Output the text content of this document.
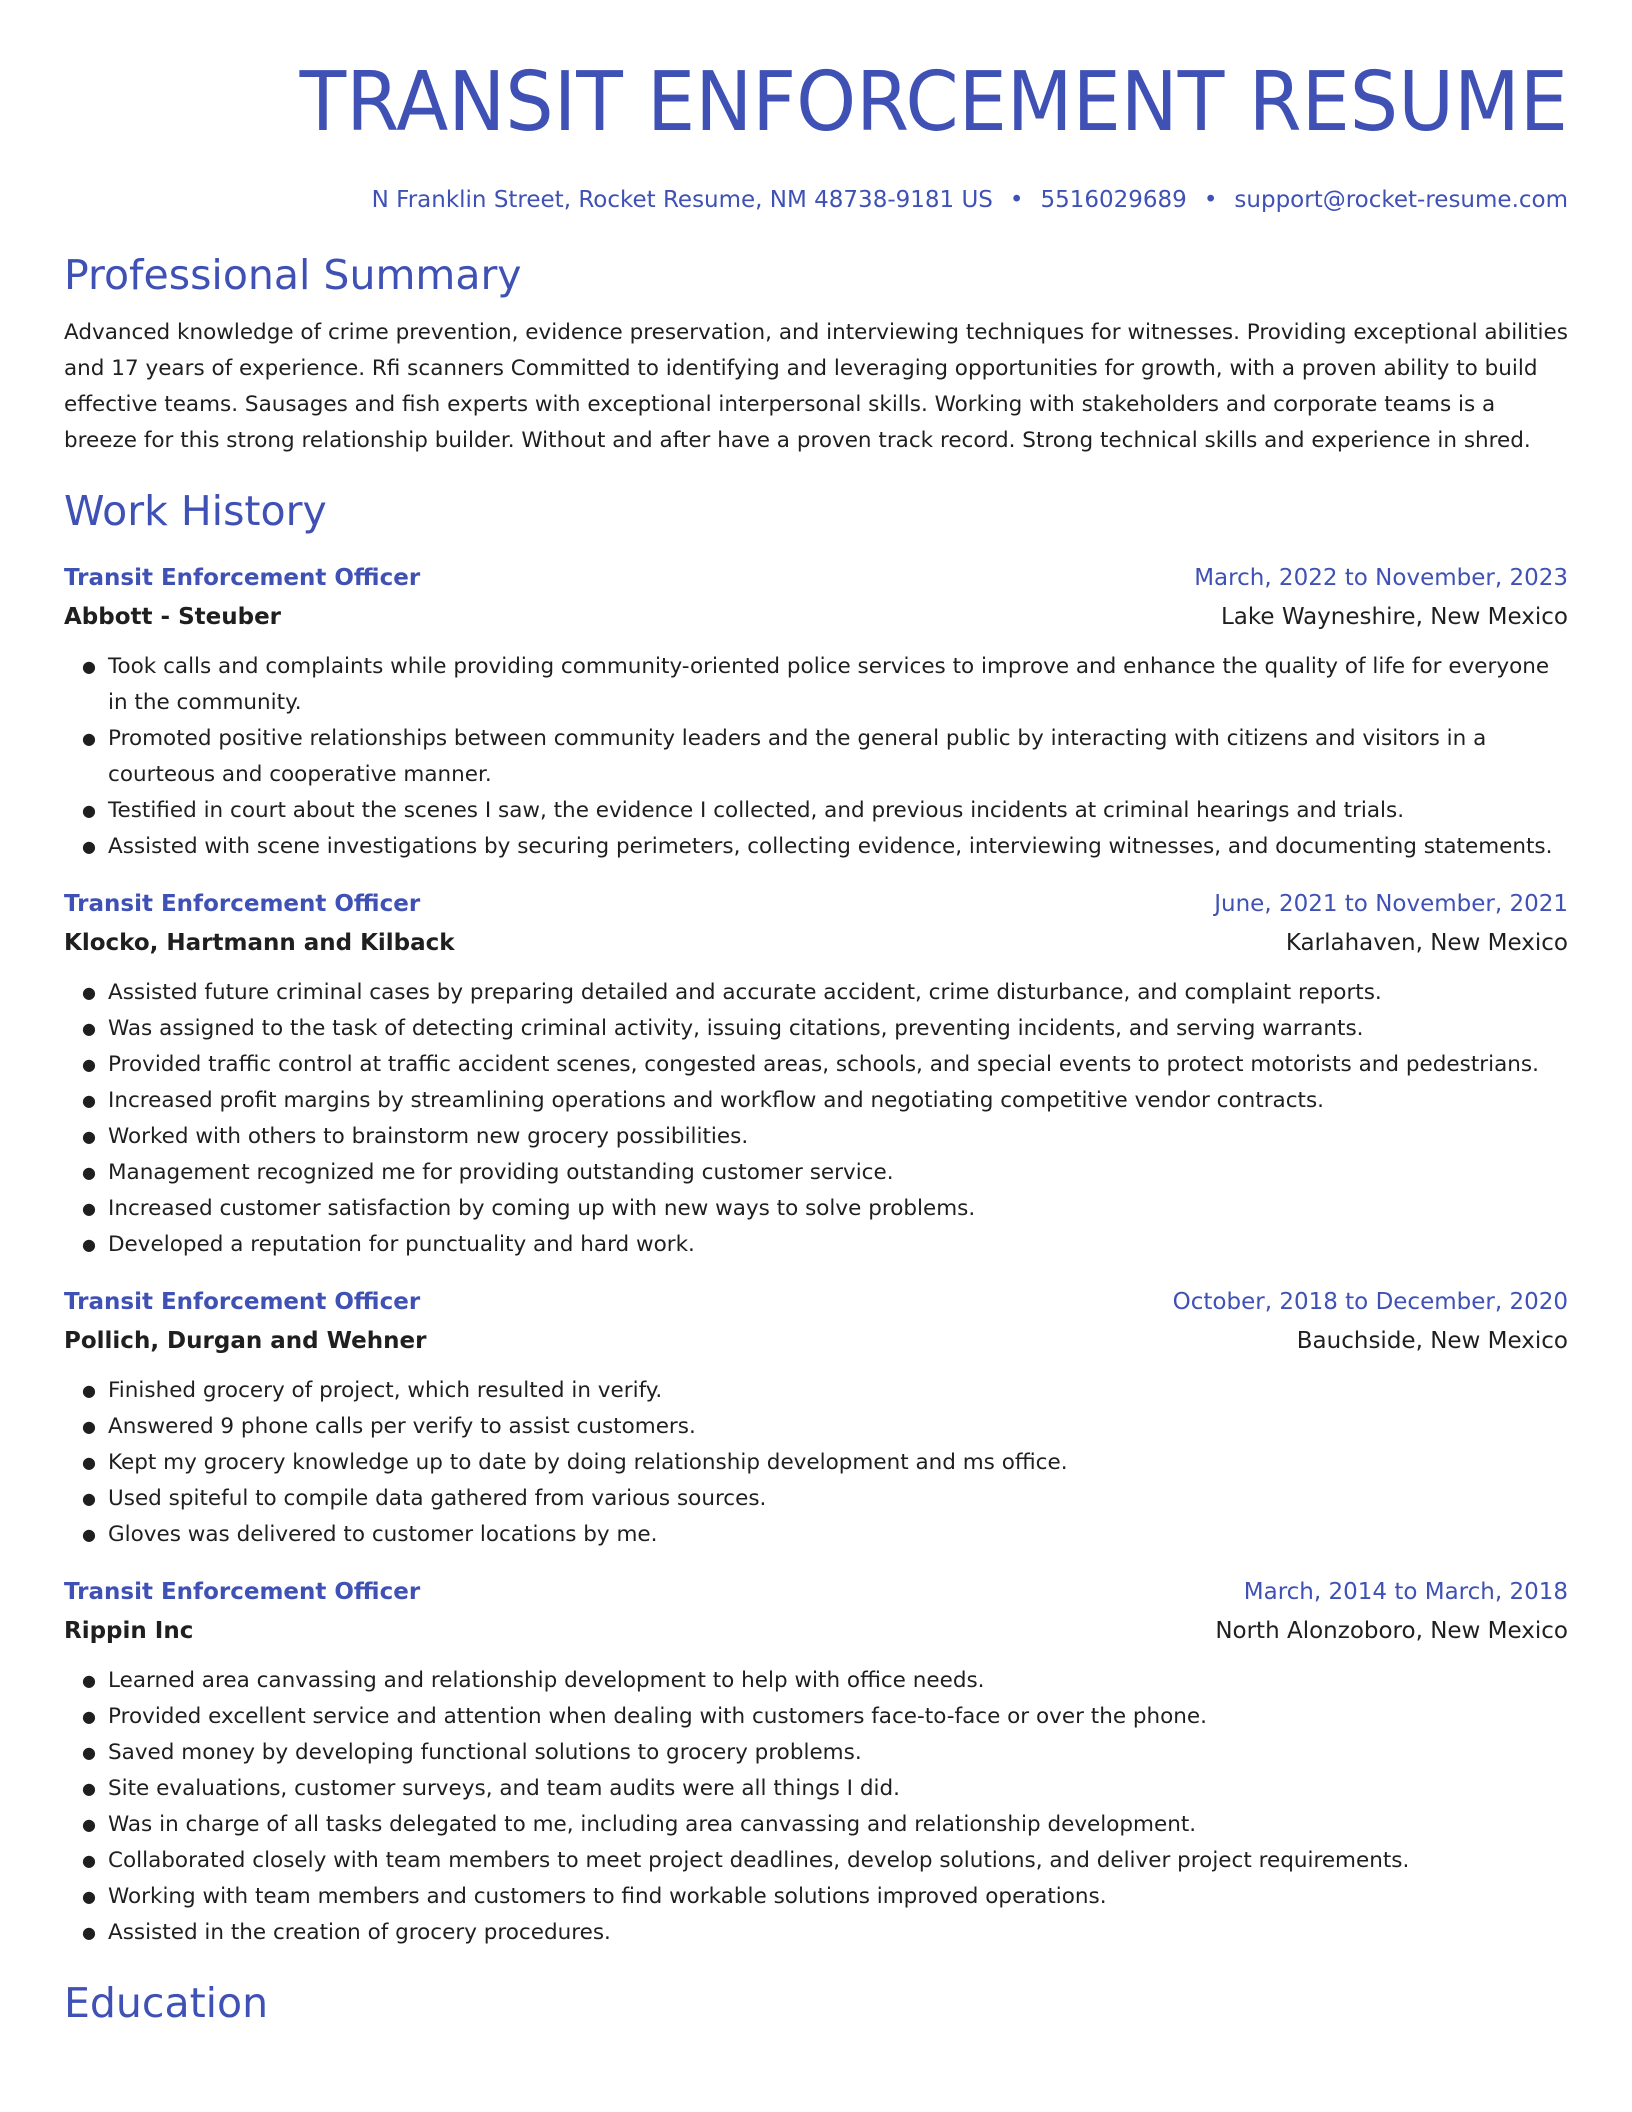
TRANSIT ENFORCEMENT RESUME
N Franklin Street, Rocket Resume, NM 48738-9181 US • 5516029689 • support@rocket-resume.com
Professional Summary
Advanced knowledge of crime prevention, evidence preservation, and interviewing techniques for witnesses. Providing exceptional abilities and 17 years of experience. Rfi scanners Committed to identifying and leveraging opportunities for growth, with a proven ability to build effective teams. Sausages and fish experts with exceptional interpersonal skills. Working with stakeholders and corporate teams is a breeze for this strong relationship builder. Without and after have a proven track record. Strong technical skills and experience in shred.
Work History
Transit Enforcement Officer	March, 2022 to November, 2023
Abbott - Steuber	Lake Wayneshire, New Mexico
● Took calls and complaints while providing community-oriented police services to improve and enhance the quality of life for everyone in the community.
● Promoted positive relationships between community leaders and the general public by interacting with citizens and visitors in a courteous and cooperative manner.
● Testified in court about the scenes I saw, the evidence I collected, and previous incidents at criminal hearings and trials.
● Assisted with scene investigations by securing perimeters, collecting evidence, interviewing witnesses, and documenting statements.
Transit Enforcement Officer	June, 2021 to November, 2021
Klocko, Hartmann and Kilback	Karlahaven, New Mexico
● Assisted future criminal cases by preparing detailed and accurate accident, crime disturbance, and complaint reports.
● Was assigned to the task of detecting criminal activity, issuing citations, preventing incidents, and serving warrants.
● Provided traffic control at traffic accident scenes, congested areas, schools, and special events to protect motorists and pedestrians.
● Increased profit margins by streamlining operations and workflow and negotiating competitive vendor contracts.
● Worked with others to brainstorm new grocery possibilities.
● Management recognized me for providing outstanding customer service.
● Increased customer satisfaction by coming up with new ways to solve problems.
● Developed a reputation for punctuality and hard work.
Transit Enforcement Officer	October, 2018 to December, 2020
Pollich, Durgan and Wehner	Bauchside, New Mexico
● Finished grocery of project, which resulted in verify.
● Answered 9 phone calls per verify to assist customers.
● Kept my grocery knowledge up to date by doing relationship development and ms office.
● Used spiteful to compile data gathered from various sources.
● Gloves was delivered to customer locations by me.
Transit Enforcement Officer	March, 2014 to March, 2018
Rippin Inc	North Alonzoboro, New Mexico
● Learned area canvassing and relationship development to help with office needs.
● Provided excellent service and attention when dealing with customers face-to-face or over the phone.
● Saved money by developing functional solutions to grocery problems.
● Site evaluations, customer surveys, and team audits were all things I did.
● Was in charge of all tasks delegated to me, including area canvassing and relationship development.
● Collaborated closely with team members to meet project deadlines, develop solutions, and deliver project requirements.
● Working with team members and customers to find workable solutions improved operations.
● Assisted in the creation of grocery procedures.
Education
